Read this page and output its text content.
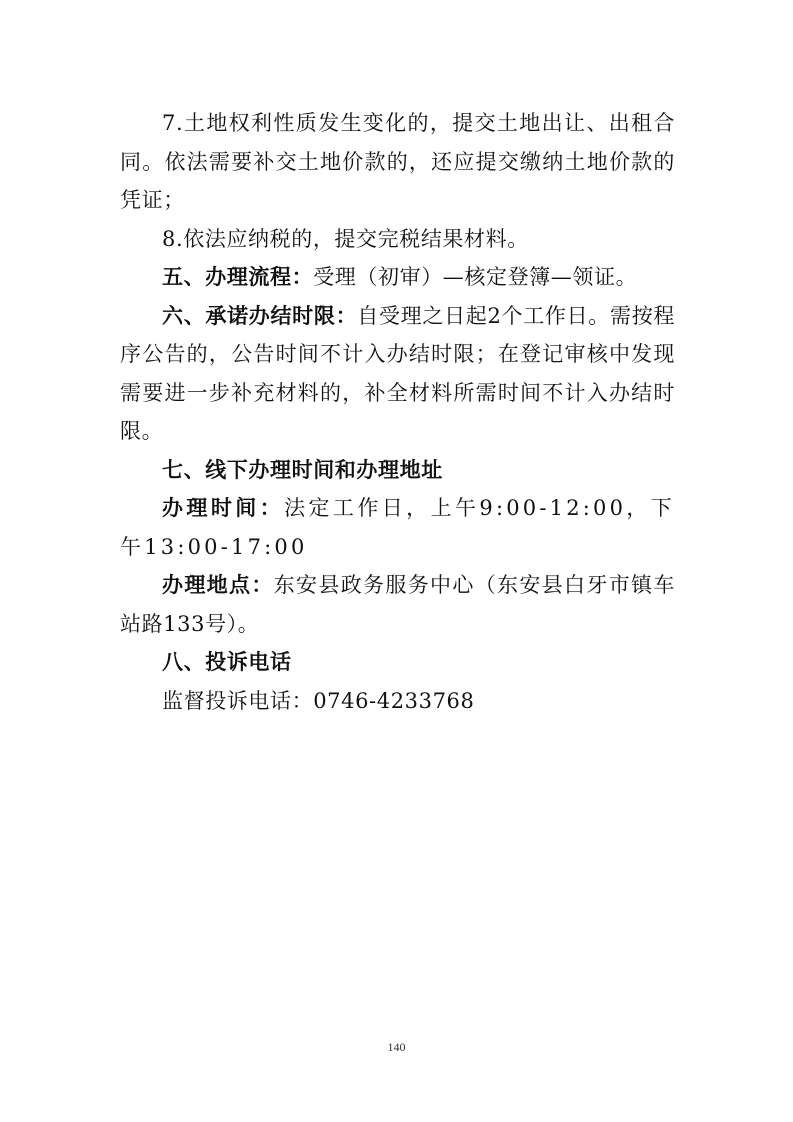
7.土地权利性质发生变化的，提交土地出让、出租合同。依法需要补交土地价款的，还应提交缴纳土地价款的凭证；

8.依法应纳税的，提交完税结果材料。

五、办理流程：受理（初审）—核定登簿—领证。

六、承诺办结时限：自受理之日起2个工作日。需按程序公告的，公告时间不计入办结时限；在登记审核中发现需要进一步补充材料的，补全材料所需时间不计入办结时限。

七、线下办理时间和办理地址

办理时间：法定工作日，上午9:00-12:00，下午13:00-17:00

办理地点：东安县政务服务中心（东安县白牙市镇车站路133号）。

八、投诉电话

监督投诉电话：0746-4233768

140
